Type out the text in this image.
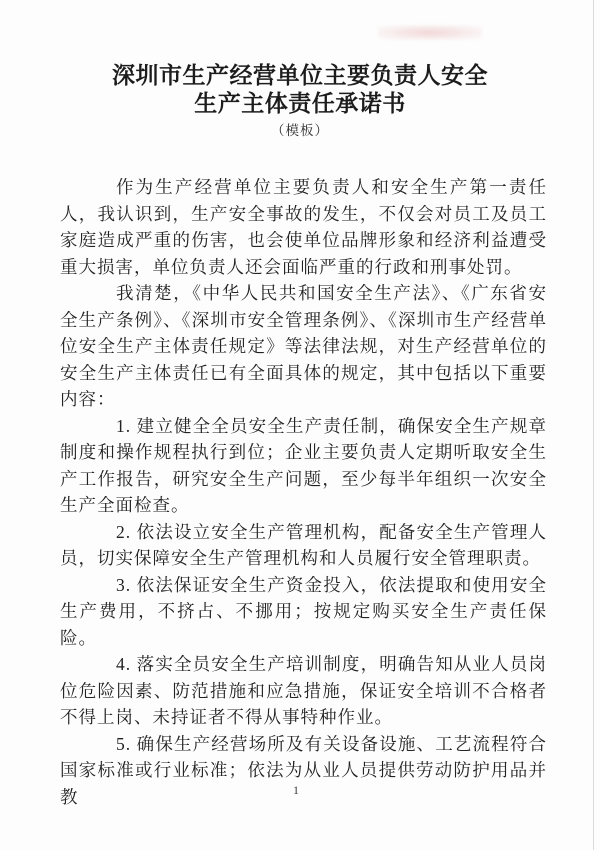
深圳市生产经营单位主要负责人安全
生产主体责任承诺书
（模板）

作为生产经营单位主要负责人和安全生产第一责任人，我认识到，生产安全事故的发生，不仅会对员工及员工家庭造成严重的伤害，也会使单位品牌形象和经济利益遭受重大损害，单位负责人还会面临严重的行政和刑事处罚。

我清楚，《中华人民共和国安全生产法》、《广东省安全生产条例》、《深圳市安全管理条例》、《深圳市生产经营单位安全生产主体责任规定》等法律法规，对生产经营单位的安全生产主体责任已有全面具体的规定，其中包括以下重要内容：

1. 建立健全全员安全生产责任制，确保安全生产规章制度和操作规程执行到位；企业主要负责人定期听取安全生产工作报告，研究安全生产问题，至少每半年组织一次安全生产全面检查。

2. 依法设立安全生产管理机构，配备安全生产管理人员，切实保障安全生产管理机构和人员履行安全管理职责。

3. 依法保证安全生产资金投入，依法提取和使用安全生产费用，不挤占、不挪用；按规定购买安全生产责任保险。

4. 落实全员安全生产培训制度，明确告知从业人员岗位危险因素、防范措施和应急措施，保证安全培训不合格者不得上岗、未持证者不得从事特种作业。

5. 确保生产经营场所及有关设备设施、工艺流程符合国家标准或行业标准；依法为从业人员提供劳动防护用品并教	1
